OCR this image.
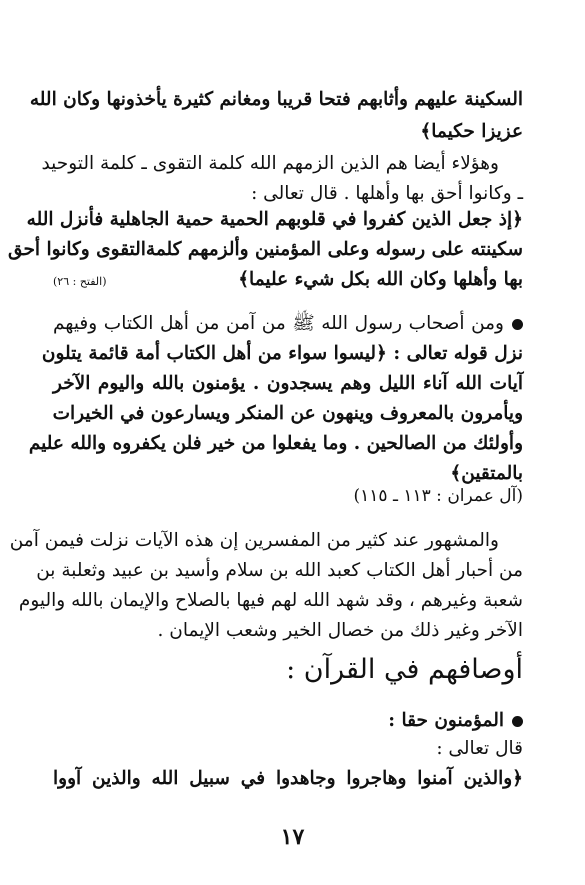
السكينة عليهم وأثابهم فتحا قريبا ومغانم كثيرة يأخذونها وكان الله
عزيزا حكيما﴾
وهؤلاء أيضا هم الذين الزمهم الله كلمة التقوى ـ كلمة التوحيد
ـ وكانوا أحق بها وأهلها . قال تعالى :
﴿إذ جعل الذين كفروا في قلوبهم الحمية حمية الجاهلية فأنزل الله
سكينته على رسوله وعلى المؤمنين وألزمهم كلمةالتقوى وكانوا أحق
بها وأهلها وكان الله بكل شيء عليما﴾
(الفتح : ٢٦)
ومن أصحاب رسول الله ﷺ من آمن من أهل الكتاب وفيهم
نزل قوله تعالى : ﴿ليسوا سواء من أهل الكتاب أمة قائمة يتلون
آيات الله آناء الليل وهم يسجدون . يؤمنون بالله واليوم الآخر
ويأمرون بالمعروف وينهون عن المنكر ويسارعون في الخيرات
وأولئك من الصالحين . وما يفعلوا من خير فلن يكفروه والله عليم
بالمتقين﴾
(آل عمران : ١١٣ ـ ١١٥)
والمشهور عند كثير من المفسرين إن هذه الآيات نزلت فيمن آمن
من أحبار أهل الكتاب كعبد الله بن سلام وأسيد بن عبيد وثعلبة بن
شعبة وغيرهم ، وقد شهد الله لهم فيها بالصلاح والإيمان بالله واليوم
الآخر وغير ذلك من خصال الخير وشعب الإيمان .
أوصافهم في القرآن :
المؤمنون حقا :
قال تعالى :
﴿والذين آمنوا وهاجروا وجاهدوا في سبيل الله والذين آووا
١٧
